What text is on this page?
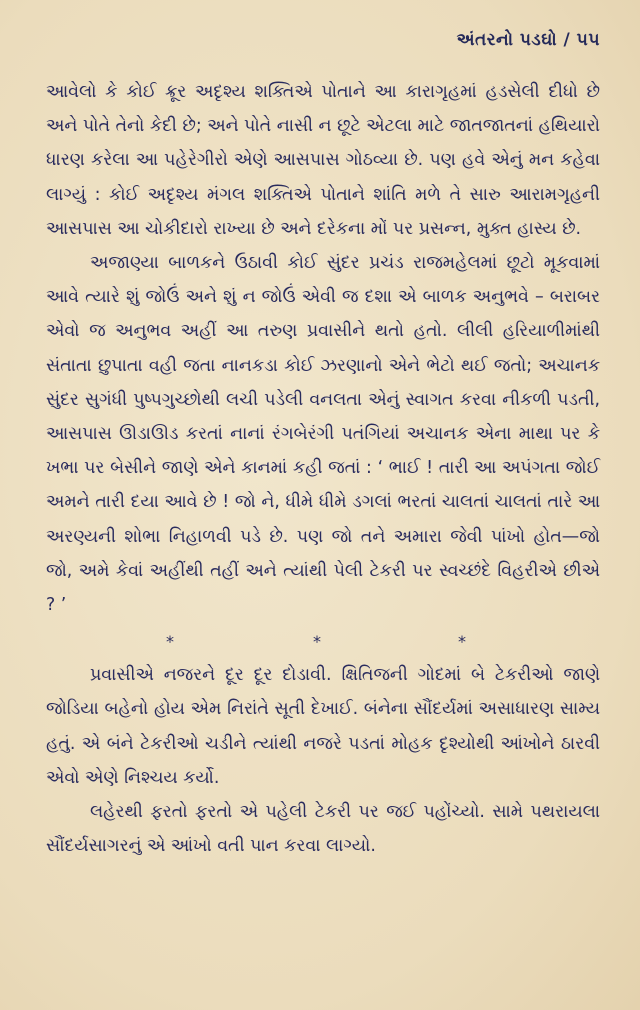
અંતરનો પડઘો / ૫૫

આવેલો કે કોઈ ક્રૂર અદૃશ્ય શક્તિએ પોતાને આ કારાગૃહમાં હડસેલી દીધો છે અને પોતે તેનો કેદી છે; અને પોતે નાસી ન છૂટે એટલા માટે જાતજાતનાં હથિયારો ધારણ કરેલા આ પહેરેગીરો એણે આસપાસ ગોઠવ્યા છે. પણ હવે એનું મન કહેવા લાગ્યું : કોઈ અદૃશ્ય મંગલ શક્તિએ પોતાને શાંતિ મળે તે સારુ આરામગૃહની આસપાસ આ ચોકીદારો રાખ્યા છે અને દરેકના મોં પર પ્રસન્ન, મુક્ત હાસ્ય છે.

અજાણ્યા બાળકને ઉઠાવી કોઈ સુંદર પ્રચંડ રાજમહેલમાં છૂટો મૂકવામાં આવે ત્યારે શું જોઉં અને શું ન જોઉં એવી જ દશા એ બાળક અનુભવે – બરાબર એવો જ અનુભવ અહીં આ તરુણ પ્રવાસીને થતો હતો. લીલી હરિયાળીમાંથી સંતાતા છુપાતા વહી જતા નાનકડા કોઈ ઝરણાનો એને ભેટો થઈ જતો; અચાનક સુંદર સુગંધી પુષ્પગુચ્છોથી લચી પડેલી વનલતા એનું સ્વાગત કરવા નીકળી પડતી, આસપાસ ઊડાઊડ કરતાં નાનાં રંગબેરંગી પતંગિયાં અચાનક એના માથા પર કે ખભા પર બેસીને જાણે એને કાનમાં કહી જતાં : ‘ ભાઈ ! તારી આ અપંગતા જોઈ અમને તારી દયા આવે છે ! જો ને, ધીમે ધીમે ડગલાં ભરતાં ચાલતાં ચાલતાં તારે આ અરણ્યની શોભા નિહાળવી પડે છે. પણ જો તને અમારા જેવી પાંખો હોત—જો જો, અમે કેવાં અહીંથી તહીં અને ત્યાંથી પેલી ટેકરી પર સ્વચ્છંદે વિહરીએ છીએ ? ’

*	*	*

પ્રવાસીએ નજરને દૂર દૂર દોડાવી. ક્ષિતિજની ગોદમાં બે ટેકરીઓ જાણે જોડિયા બહેનો હોય એમ નિરાંતે સૂતી દેખાઈ. બંનેના સૌંદર્યમાં અસાધારણ સામ્ય હતું. એ બંને ટેકરીઓ ચડીને ત્યાંથી નજરે પડતાં મોહક દૃશ્યોથી આંખોને ઠારવી એવો એણે નિશ્ચય કર્યો.

લહેરથી ફરતો ફરતો એ પહેલી ટેકરી પર જઈ પહોંચ્યો. સામે પથરાયલા સૌંદર્યસાગરનું એ આંખો વતી પાન કરવા લાગ્યો.
